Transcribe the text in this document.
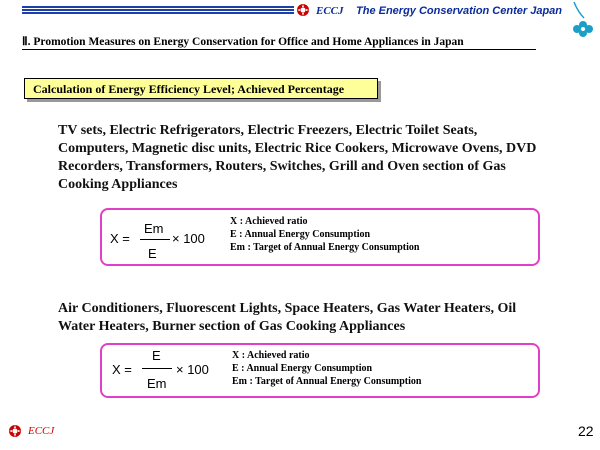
ECCJ The Energy Conservation Center Japan
Ⅱ. Promotion Measures on Energy Conservation for Office and Home Appliances in Japan
Calculation of Energy Efficiency Level; Achieved Percentage
TV sets, Electric Refrigerators, Electric Freezers, Electric Toilet Seats, Computers, Magnetic disc units, Electric Rice Cookers, Microwave Ovens, DVD Recorders, Transformers, Routers, Switches, Grill and Oven section of Gas Cooking Appliances
X =
Em
E
× 100
X : Achieved ratio
E : Annual Energy Consumption
Em : Target of Annual Energy Consumption
Air Conditioners, Fluorescent Lights, Space Heaters, Gas Water Heaters, Oil Water Heaters, Burner section of Gas Cooking Appliances
X =
E
Em
× 100
X : Achieved ratio
E : Annual Energy Consumption
Em : Target of Annual Energy Consumption
ECCJ	22
